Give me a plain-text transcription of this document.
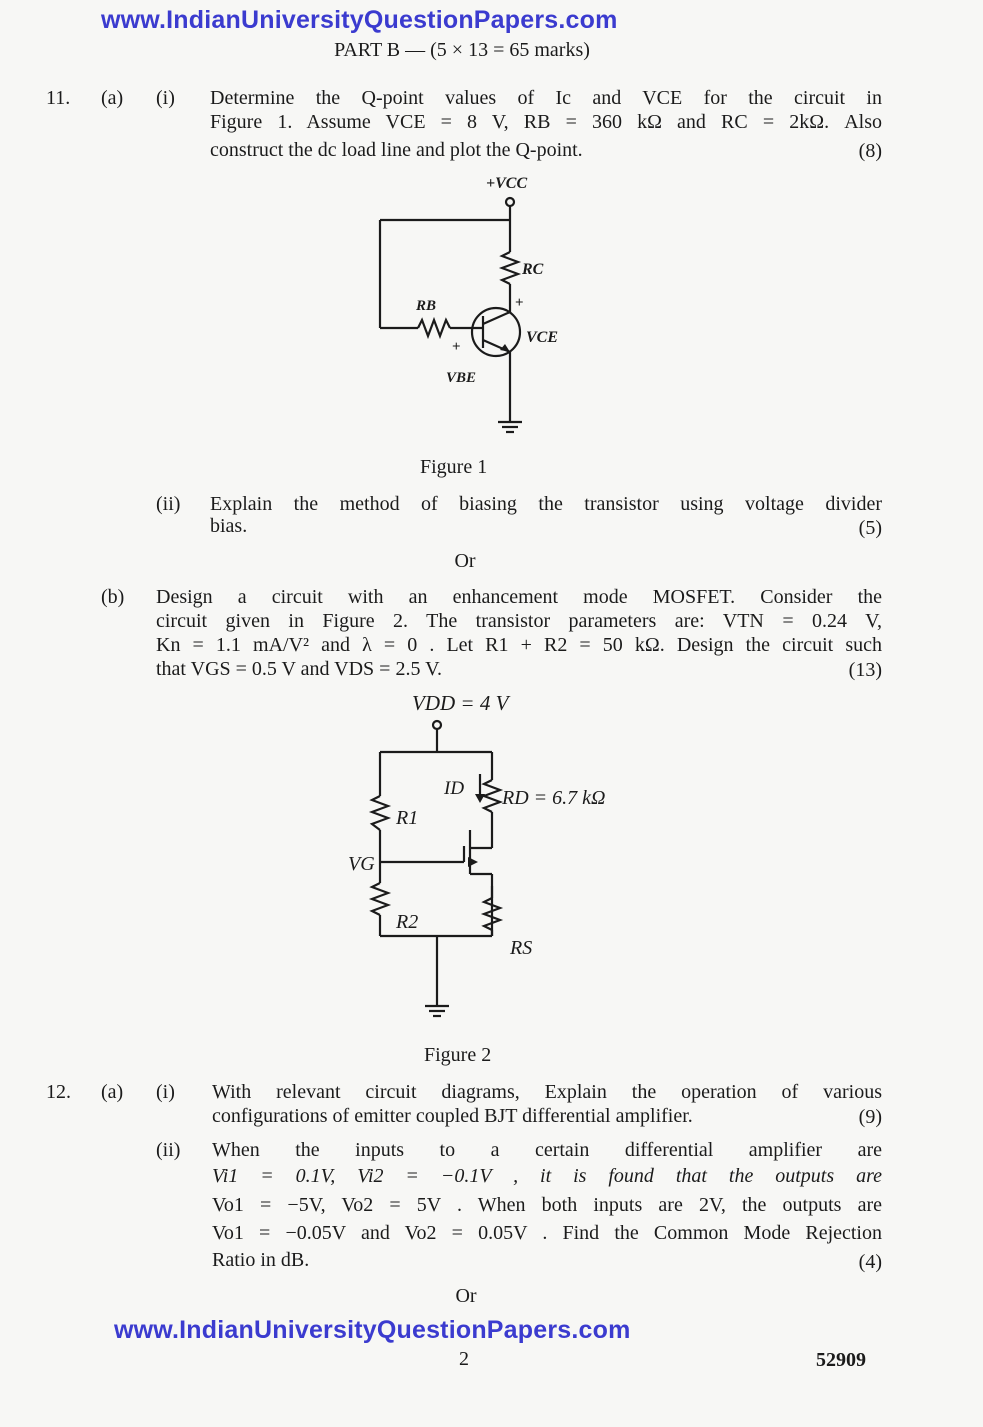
www.IndianUniversityQuestionPapers.com
PART B — (5 × 13 = 65 marks)
11. (a) (i) Determine the Q-point values of Ic and VCE for the circuit in
Figure 1. Assume VCE = 8 V, RB = 360 kΩ and RC = 2kΩ. Also
construct the dc load line and plot the Q-point.	(8)
+VCC
RC
RB
VCE
VBE
+
+
Figure 1
(ii) Explain the method of biasing the transistor using voltage divider
bias.	(5)
Or
(b) Design a circuit with an enhancement mode MOSFET. Consider the
circuit given in Figure 2. The transistor parameters are: VTN = 0.24 V,
Kn = 1.1 mA/V² and λ = 0 . Let R1 + R2 = 50 kΩ. Design the circuit such
that VGS = 0.5 V and VDS = 2.5 V.	(13)
VDD = 4 V
ID RD = 6.7 kΩ
R1
VG
R2
RS
Figure 2
12. (a) (i) With relevant circuit diagrams, Explain the operation of various
configurations of emitter coupled BJT differential amplifier.	(9)
(ii) When the inputs to a certain differential amplifier are
Vi1 = 0.1V, Vi2 = −0.1V , it is found that the outputs are
Vo1 = −5V, Vo2 = 5V . When both inputs are 2V, the outputs are
Vo1 = −0.05V and Vo2 = 0.05V . Find the Common Mode Rejection
Ratio in dB.	(4)
Or
www.IndianUniversityQuestionPapers.com
2	52909
